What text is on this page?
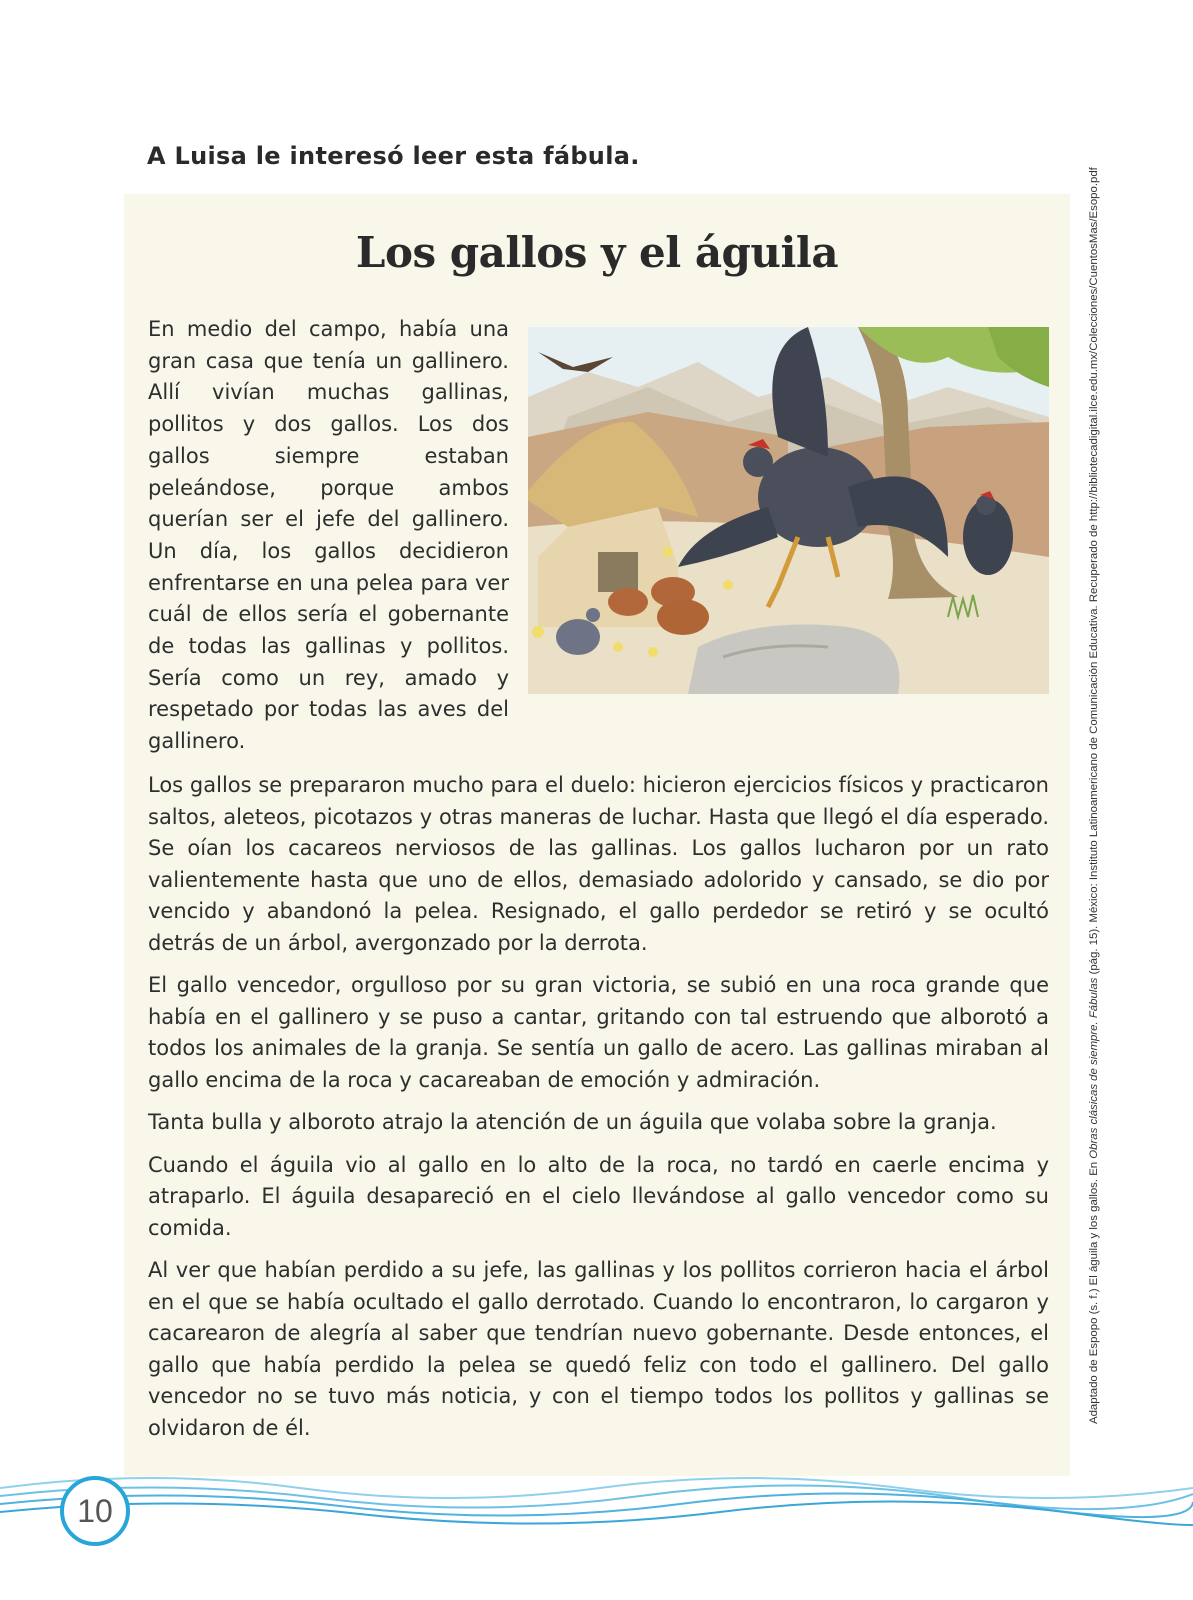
A Luisa le interesó leer esta fábula.
Los gallos y el águila

En medio del campo, había una gran casa que tenía un gallinero. Allí vivían muchas gallinas, pollitos y dos gallos. Los dos gallos siempre estaban peleándose, porque ambos querían ser el jefe del gallinero. Un día, los gallos decidieron enfrentarse en una pelea para ver cuál de ellos sería el gobernante de todas las gallinas y pollitos. Sería como un rey, amado y respetado por todas las aves del gallinero.

Los gallos se prepararon mucho para el duelo: hicieron ejercicios físicos y practicaron saltos, aleteos, picotazos y otras maneras de luchar. Hasta que llegó el día esperado. Se oían los cacareos nerviosos de las gallinas. Los gallos lucharon por un rato valientemente hasta que uno de ellos, demasiado adolorido y cansado, se dio por vencido y abandonó la pelea. Resignado, el gallo perdedor se retiró y se ocultó detrás de un árbol, avergonzado por la derrota.

El gallo vencedor, orgulloso por su gran victoria, se subió en una roca grande que había en el gallinero y se puso a cantar, gritando con tal estruendo que alborotó a todos los animales de la granja. Se sentía un gallo de acero. Las gallinas miraban al gallo encima de la roca y cacareaban de emoción y admiración.

Tanta bulla y alboroto atrajo la atención de un águila que volaba sobre la granja.

Cuando el águila vio al gallo en lo alto de la roca, no tardó en caerle encima y atraparlo. El águila desapareció en el cielo llevándose al gallo vencedor como su comida.

Al ver que habían perdido a su jefe, las gallinas y los pollitos corrieron hacia el árbol en el que se había ocultado el gallo derrotado. Cuando lo encontraron, lo cargaron y cacarearon de alegría al saber que tendrían nuevo gobernante. Desde entonces, el gallo que había perdido la pelea se quedó feliz con todo el gallinero. Del gallo vencedor no se tuvo más noticia, y con el tiempo todos los pollitos y gallinas se olvidaron de él.

Adaptado de Espopo (s. f.) El águila y los gallos. En Obras clásicas de siempre. Fábulas (pág. 15). México: Instituto Latinoamericano de Comunicación Educativa. Recuperado de http://bibliotecadigital.ilce.edu.mx/Colecciones/CuentosMas/Esopo.pdf
10
